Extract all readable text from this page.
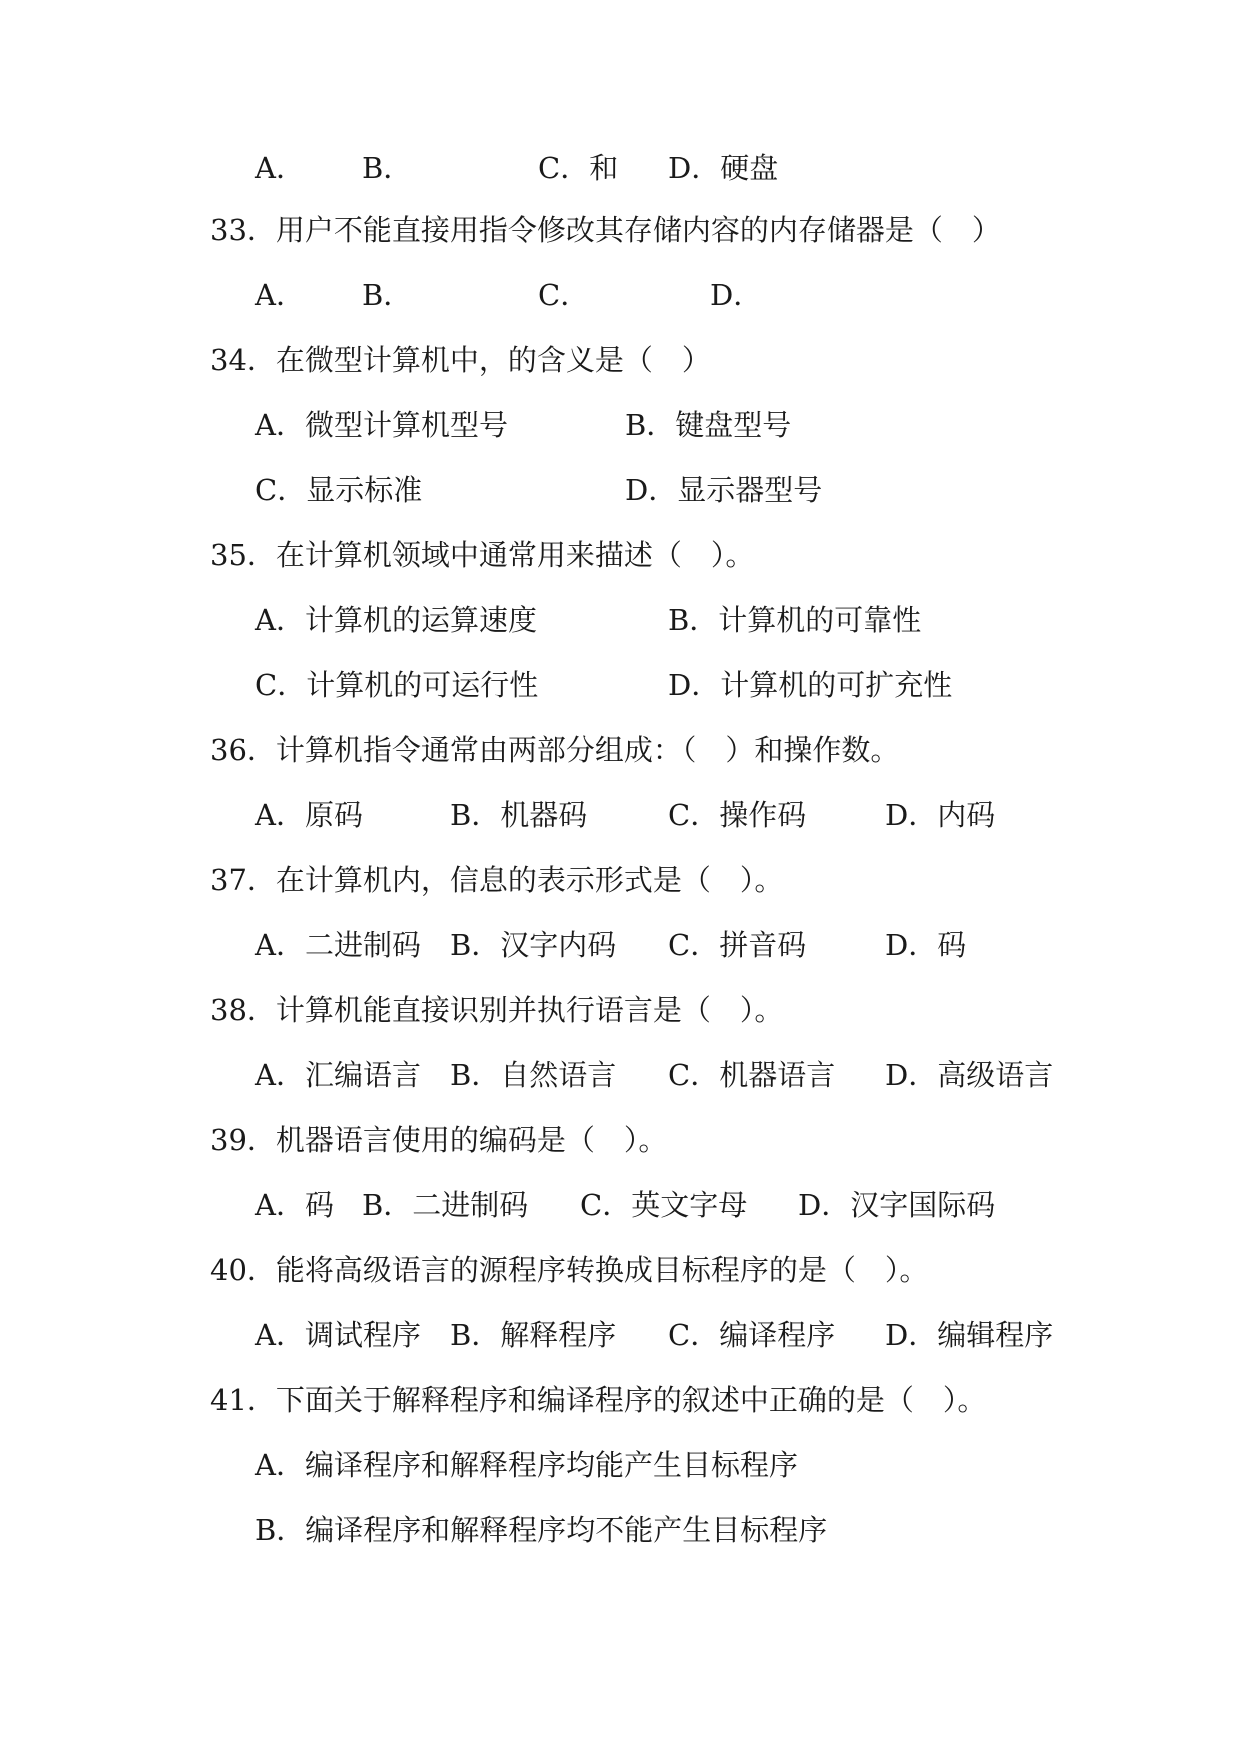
A． B．	C．和 D．硬盘
33．用户不能直接用指令修改其存储内容的内存储器是（　）
A． B．	C．	D．
34．在微型计算机中，的含义是（　）
A．微型计算机型号	B．键盘型号
C．显示标准	D．显示器型号
35．在计算机领域中通常用来描述（　）。
A．计算机的运算速度	B．计算机的可靠性
C．计算机的可运行性	D．计算机的可扩充性
36．计算机指令通常由两部分组成：（　）和操作数。
A．原码	B．机器码	C．操作码	D．内码
37．在计算机内，信息的表示形式是（　）。
A．二进制码 B．汉字内码 C．拼音码	D．码
38．计算机能直接识别并执行语言是（　）。
A．汇编语言 B．自然语言 C．机器语言 D．高级语言
39．机器语言使用的编码是（　）。
A．码 B．二进制码 C．英文字母 D．汉字国际码
40．能将高级语言的源程序转换成目标程序的是（　）。
A．调试程序 B．解释程序 C．编译程序 D．编辑程序
41．下面关于解释程序和编译程序的叙述中正确的是（　）。
A．编译程序和解释程序均能产生目标程序
B．编译程序和解释程序均不能产生目标程序
